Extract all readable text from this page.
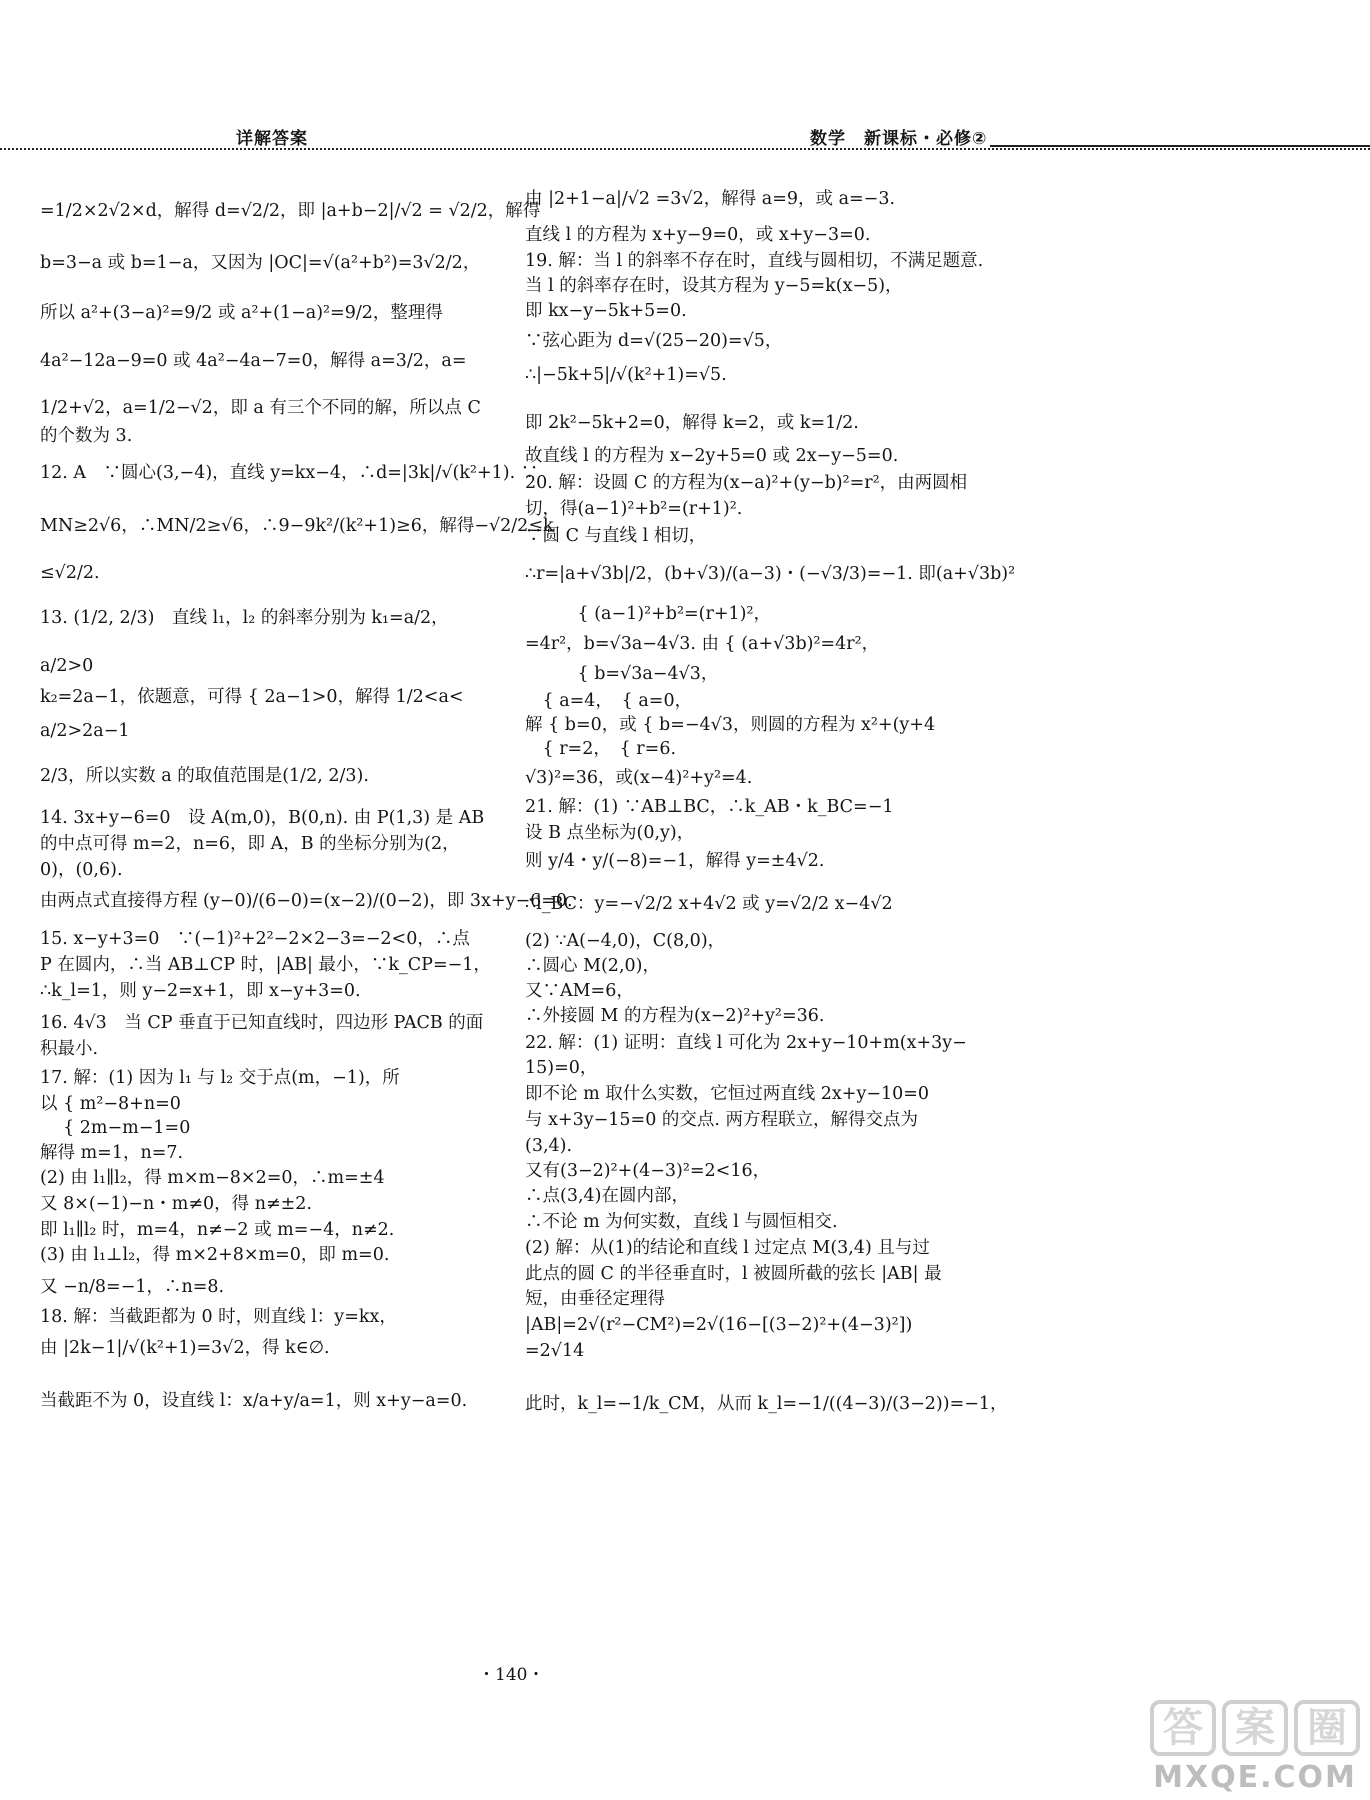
详解答案	数学　新课标・必修②
=1/2×2√2×d，解得 d=√2/2，即 |a+b−2|/√2 = √2/2，解得
b=3−a 或 b=1−a，又因为 |OC|=√(a²+b²)=3√2/2，
所以 a²+(3−a)²=9/2 或 a²+(1−a)²=9/2，整理得
4a²−12a−9=0 或 4a²−4a−7=0，解得 a=3/2，a=
1/2+√2，a=1/2−√2，即 a 有三个不同的解，所以点 C
的个数为 3.
12. A　∵圆心(3,−4)，直线 y=kx−4，∴d=|3k|/√(k²+1). ∵
MN≥2√6，∴MN/2≥√6，∴9−9k²/(k²+1)≥6，解得−√2/2≤k
≤√2/2.
13. (1/2, 2/3)　直线 l₁，l₂ 的斜率分别为 k₁=a/2，
a/2>0
k₂=2a−1，依题意，可得 { 2a−1>0，解得 1/2<a<
a/2>2a−1
2/3，所以实数 a 的取值范围是(1/2, 2/3).
14. 3x+y−6=0　设 A(m,0)，B(0,n). 由 P(1,3) 是 AB
的中点可得 m=2，n=6，即 A，B 的坐标分别为(2，
0)，(0,6).
由两点式直接得方程 (y−0)/(6−0)=(x−2)/(0−2)，即 3x+y−6=0.
15. x−y+3=0　∵(−1)²+2²−2×2−3=−2<0，∴点
P 在圆内，∴当 AB⊥CP 时，|AB| 最小，∵k_CP=−1，
∴k_l=1，则 y−2=x+1，即 x−y+3=0.
16. 4√3　当 CP 垂直于已知直线时，四边形 PACB 的面
积最小.
17. 解：(1) 因为 l₁ 与 l₂ 交于点(m，−1)，所
以 { m²−8+n=0
　 { 2m−m−1=0
解得 m=1，n=7.
(2) 由 l₁∥l₂，得 m×m−8×2=0，∴m=±4
又 8×(−1)−n・m≠0，得 n≠±2.
即 l₁∥l₂ 时，m=4，n≠−2 或 m=−4，n≠2.
(3) 由 l₁⊥l₂，得 m×2+8×m=0，即 m=0.
又 −n/8=−1，∴n=8.
18. 解：当截距都为 0 时，则直线 l：y=kx，
由 |2k−1|/√(k²+1)=3√2，得 k∈∅.
当截距不为 0，设直线 l：x/a+y/a=1，则 x+y−a=0.
由 |2+1−a|/√2 =3√2，解得 a=9，或 a=−3.
直线 l 的方程为 x+y−9=0，或 x+y−3=0.
19. 解：当 l 的斜率不存在时，直线与圆相切，不满足题意.
当 l 的斜率存在时，设其方程为 y−5=k(x−5)，
即 kx−y−5k+5=0.
∵弦心距为 d=√(25−20)=√5，
∴|−5k+5|/√(k²+1)=√5.
即 2k²−5k+2=0，解得 k=2，或 k=1/2.
故直线 l 的方程为 x−2y+5=0 或 2x−y−5=0.
20. 解：设圆 C 的方程为(x−a)²+(y−b)²=r²，由两圆相
切，得(a−1)²+b²=(r+1)².
∵圆 C 与直线 l 相切，
∴r=|a+√3b|/2，(b+√3)/(a−3)・(−√3/3)=−1. 即(a+√3b)²
　　　{ (a−1)²+b²=(r+1)²，
=4r²，b=√3a−4√3. 由 { (a+√3b)²=4r²，
　　　{ b=√3a−4√3，
　{ a=4，　{ a=0，
解 { b=0，或 { b=−4√3，则圆的方程为 x²+(y+4
　{ r=2，　{ r=6.
√3)²=36，或(x−4)²+y²=4.
21. 解：(1) ∵AB⊥BC，∴k_AB・k_BC=−1
设 B 点坐标为(0,y)，
则 y/4・y/(−8)=−1，解得 y=±4√2.
∴l_BC：y=−√2/2 x+4√2 或 y=√2/2 x−4√2
(2) ∵A(−4,0)，C(8,0)，
∴圆心 M(2,0)，
又∵AM=6，
∴外接圆 M 的方程为(x−2)²+y²=36.
22. 解：(1) 证明：直线 l 可化为 2x+y−10+m(x+3y−
15)=0，
即不论 m 取什么实数，它恒过两直线 2x+y−10=0
与 x+3y−15=0 的交点. 两方程联立，解得交点为
(3,4).
又有(3−2)²+(4−3)²=2<16，
∴点(3,4)在圆内部，
∴不论 m 为何实数，直线 l 与圆恒相交.
(2) 解：从(1)的结论和直线 l 过定点 M(3,4) 且与过
此点的圆 C 的半径垂直时，l 被圆所截的弦长 |AB| 最
短，由垂径定理得
|AB|=2√(r²−CM²)=2√(16−[(3−2)²+(4−3)²])
=2√14
此时，k_l=−1/k_CM，从而 k_l=−1/((4−3)/(3−2))=−1，
・140・
答 案 圈
MXQE.COM
